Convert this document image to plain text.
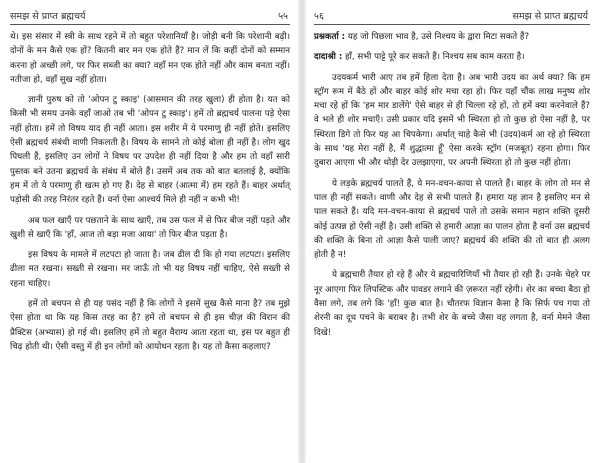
समझ से प्राप्त ब्रह्मचर्य	५५

थे। इस संसार में स्त्री के साथ रहने में तो बहुत परेशानियाँ है। जोड़ी बनी कि परेशानी बढ़ी। दोनों के मन कैसे एक हों? कितनी बार मन एक होते हैं? मान लें कि कहीं दोनों को सम्मान करना हो अच्छी लगे, पर फिर सब्जी का क्या? वहाँ मन एक होते नहीं और काम बनता नहीं। नतीजा हो, वहाँ सुख नहीं होता।

ज्ञानी पुरुष को तो 'ओपन टु स्काइ' (आसमान की तरह खुला) ही होता है। यत को किसी भी समय उनके वहाँ जाओ तब भी 'ओपन टु स्काइ'। हमें तो ब्रह्मचर्य पालना पड़े ऐसा नहीं होता। हमें तो विषय याद ही नहीं आता। इस शरीर में ये परमाणु ही नहीं होते। इसलिए ऐसी ब्रह्मचर्य संबंधी वाणी निकलती है। विषय के सामने तो कोई बोला ही नहीं है। लोग खुद पिघली हैं, इसलिए उन लोगों ने विषय पर उपदेश ही नहीं दिया है और हम तो वहाँ सारी पुस्तक बने उतना ब्रह्मचर्य के संबंध में बोले हैं। उसमें अब तक को बात बतलाई है, क्योंकि हम में तो ये परमाणु ही खत्म हो गए हैं। देह से बाहर (आत्मा में) हम रहते हैं। बाहर अर्थात् पड़ोसी की तरह निरंतर रहते हैं। वर्ना ऐसा आश्चर्य मिले ही नहीं न कभी भी!

अब फल खाएँ पर पछताने के साथ खाएँ, तब उस फल में से फिर बीज नहीं पड़ते और खुशी से खाएँ कि 'हाँ, आज तो बड़ा मजा आया' तो फिर बीज पड़ता है।

इस विषय के मामले में लटपटा हो जाता है। जब ढील दी कि हो गया लटपटा। इसलिए ढीला मत रखना। सख्ती से रखना। मर जाऊँ तो भी यह विषय नहीं चाहिए, ऐसे सख्ती से रहना चाहिए।

हमें तो बचपन से ही यह पसंद नहीं है कि लोगों ने इसमें सुख कैसे माना है? तब मुझे ऐसा होता था कि यह किस तरह का है? हमें तो बचपन से ही इस चीज़ की विरान की प्रैक्टिस (अभ्यास) हो गई थी। इसलिए हमें तो बहुत वैराग्य आता रहता था, इस पर बहुत ही चिढ़ होती थी। ऐसी वस्तु में ही इन लोगों को आयोधन रहता है। यह तो कैसा कहलाए?

५६	समझ से प्राप्त ब्रह्मचर्य

प्रश्नकर्ता : यह जो पिछला भाव है, उसे निश्चय के द्वारा मिटा सकते हैं?

दादाश्री : हाँ, सभी पाट्टे पूरे कर सकते हैं। निश्चय सब काम करता है।

उदयकर्म भारी आए तब हमें हिला देता है। अब भारी उदय का अर्थ क्या? कि हम स्ट्रॉग रूम में बैठे हों और बाहर कोई शोर मचा रहा हो। फिर यहाँ चौंक लाख मनुष्य शोर मचा रहे हों कि 'हम मार डालेंगे' ऐसे बाहर से ही चिल्ला रहे हों, तो हमें क्या करनेवाले हैं? वे भले ही शोर मचाएँ। उसी प्रकार यदि इसमें भी स्थिरता हो तो कुछ हो ऐसा नहीं है, पर स्थिरता डिगे तो फिर यह आ चिपकेगा। अर्थात् चाहे कैसे भी (उदय)कर्म आ रहे हो स्थिरता के साथ 'यह मेरा नहीं है, मैं शुद्धात्मा हूँ' ऐसा करके स्ट्रॉग (मजबूत) रहना होगा। फिर दुबारा आएगा भी और थोड़ी देर उलझाएगा, पर अपनी स्थिरता हो तो कुछ नहीं होता।

ये लड़के ब्रह्मचर्य पालते हैं, ये मन-वचन-काया से पालते हैं। बाहर के लोग तो मन से पाल ही नहीं सकते। वाणी और देह से सभी पालते हैं। हमारा यह ज्ञान है इसलिए मन से पाल सकते हैं। यदि मन-वचन-काया से ब्रह्मचर्य पाले तो उसके समान महान शक्ति दूसरी कोई उत्पन्न हो ऐसी नहीं है। उसी शक्ति से हमारी आज्ञा का पालन होता है वर्ना उस ब्रह्मचर्य की शक्ति के बिना तो आज्ञा कैसे पाली जाए? ब्रह्मचर्य की शक्ति की तो बात ही अलग होती है न!

ये ब्रह्मचारी तैयार हो रहे हैं और ये ब्रह्मचारिणियाँ भी तैयार हो रही हैं। उनके चेहरे पर नूर आएगा फिर लिपस्टिक और पावडर लगाने की ज़रूरत नहीं रहेगी। शेर का बच्चा बैठा हो वैसा लगे, तब लगे कि 'हाँ! कुछ बात है। चौतरफ विज्ञान कैसा है कि सिर्फ पच गया तो शेरनी का दूध पचने के बराबर है। तभी शेर के बच्चे जैसा वह लगता है, वर्ना मेमने जैसा दिखे!
